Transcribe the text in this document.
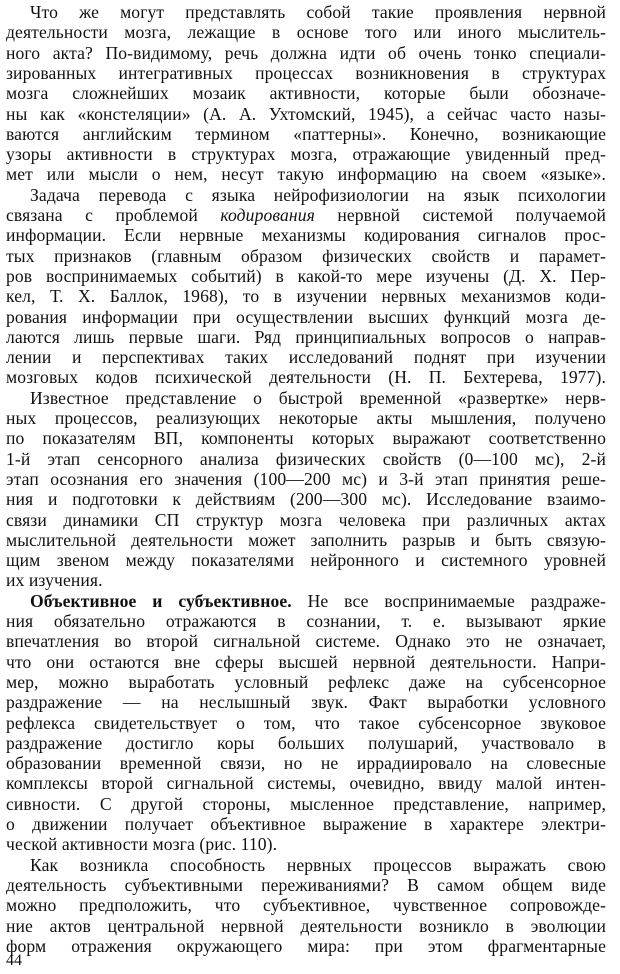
Что же могут представлять собой такие проявления нервной
деятельности мозга, лежащие в основе того или иного мыслитель-
ного акта? По-видимому, речь должна идти об очень тонко специали-
зированных интегративных процессах возникновения в структурах
мозга сложнейших мозаик активности, которые были обозначе-
ны как «констеляции» (А. А. Ухтомский, 1945), а сейчас часто назы-
ваются английским термином «паттерны». Конечно, возникающие
узоры активности в структурах мозга, отражающие увиденный пред-
мет или мысли о нем, несут такую информацию на своем «языке».
Задача перевода с языка нейрофизиологии на язык психологии
связана с проблемой кодирования нервной системой получаемой
информации. Если нервные механизмы кодирования сигналов прос-
тых признаков (главным образом физических свойств и парамет-
ров воспринимаемых событий) в какой-то мере изучены (Д. Х. Пер-
кел, Т. Х. Баллок, 1968), то в изучении нервных механизмов коди-
рования информации при осуществлении высших функций мозга де-
лаются лишь первые шаги. Ряд принципиальных вопросов о направ-
лении и перспективах таких исследований поднят при изучении
мозговых кодов психической деятельности (Н. П. Бехтерева, 1977).
Известное представление о быстрой временной «развертке» нерв-
ных процессов, реализующих некоторые акты мышления, получено
по показателям ВП, компоненты которых выражают соответственно
1-й этап сенсорного анализа физических свойств (0—100 мс), 2-й
этап осознания его значения (100—200 мс) и 3-й этап принятия реше-
ния и подготовки к действиям (200—300 мс). Исследование взаимо-
связи динамики СП структур мозга человека при различных актах
мыслительной деятельности может заполнить разрыв и быть связую-
щим звеном между показателями нейронного и системного уровней
их изучения.
Объективное и субъективное. Не все воспринимаемые раздраже-
ния обязательно отражаются в сознании, т. е. вызывают яркие
впечатления во второй сигнальной системе. Однако это не означает,
что они остаются вне сферы высшей нервной деятельности. Напри-
мер, можно выработать условный рефлекс даже на субсенсорное
раздражение — на неслышный звук. Факт выработки условного
рефлекса свидетельствует о том, что такое субсенсорное звуковое
раздражение достигло коры больших полушарий, участвовало в
образовании временной связи, но не иррадиировало на словесные
комплексы второй сигнальной системы, очевидно, ввиду малой интен-
сивности. С другой стороны, мысленное представление, например,
о движении получает объективное выражение в характере электри-
ческой активности мозга (рис. 110).
Как возникла способность нервных процессов выражать свою
деятельность субъективными переживаниями? В самом общем виде
можно предположить, что субъективное, чувственное сопровожде-
ние актов центральной нервной деятельности возникло в эволюции
форм отражения окружающего мира: при этом фрагментарные
44
